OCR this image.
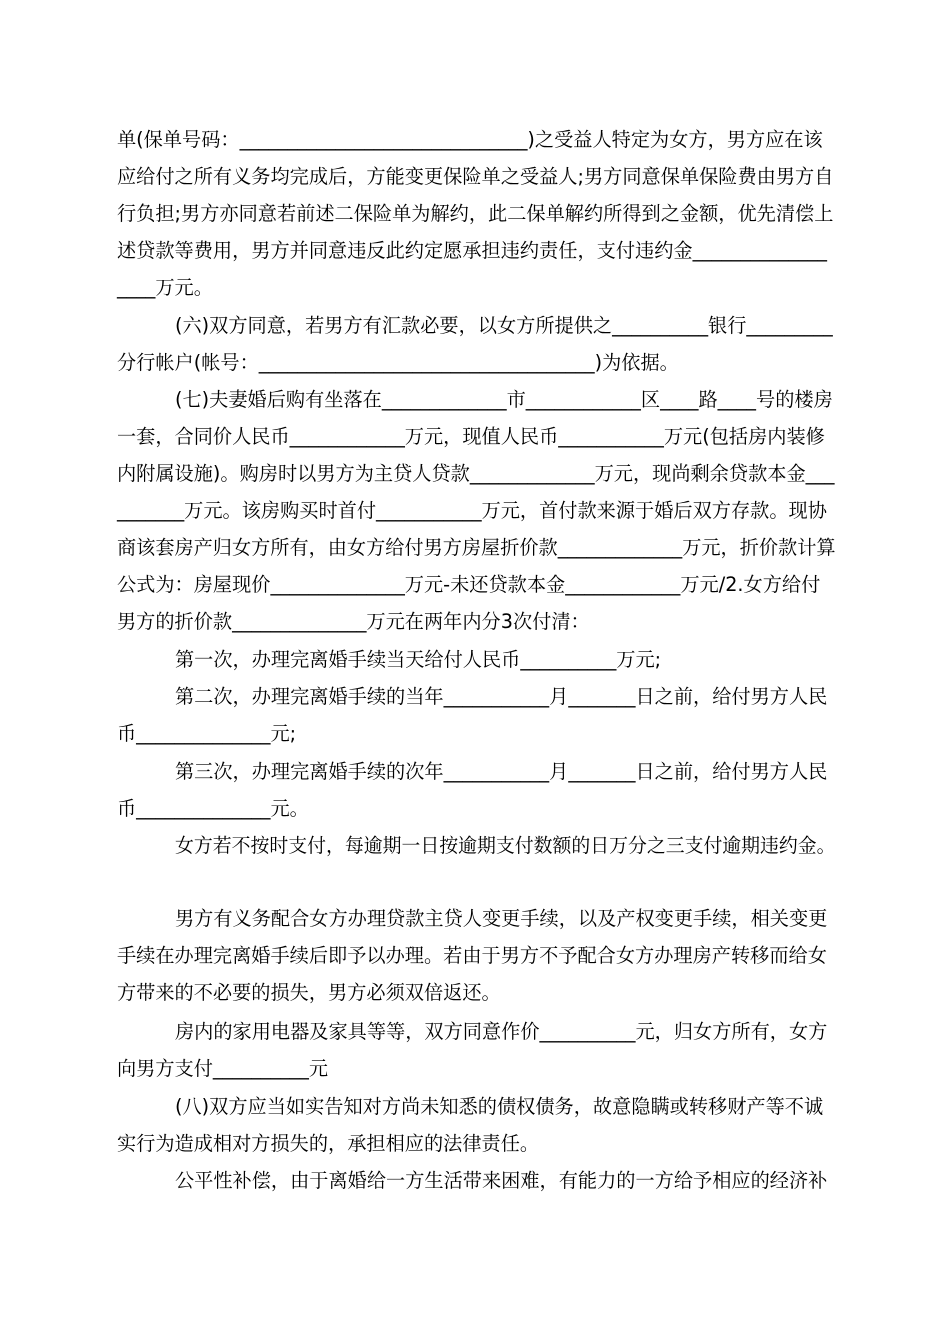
单(保单号码：______________________________)之受益人特定为女方，男方应在该
应给付之所有义务均完成后，方能变更保险单之受益人;男方同意保单保险费由男方自
行负担;男方亦同意若前述二保险单为解约，此二保单解约所得到之金额，优先清偿上
述贷款等费用，男方并同意违反此约定愿承担违约责任，支付违约金______________
____万元。
(六)双方同意，若男方有汇款必要，以女方所提供之__________银行_________
分行帐户(帐号：___________________________________)为依据。
(七)夫妻婚后购有坐落在_____________市____________区____路____号的楼房
一套，合同价人民币____________万元，现值人民币___________万元(包括房内装修
内附属设施)。购房时以男方为主贷人贷款_____________万元，现尚剩余贷款本金___
_______万元。该房购买时首付___________万元，首付款来源于婚后双方存款。现协
商该套房产归女方所有，由女方给付男方房屋折价款_____________万元，折价款计算
公式为：房屋现价______________万元-未还贷款本金____________万元/2.女方给付
男方的折价款______________万元在两年内分3次付清：
第一次，办理完离婚手续当天给付人民币__________万元;
第二次，办理完离婚手续的当年___________月_______日之前，给付男方人民
币______________元;
第三次，办理完离婚手续的次年___________月_______日之前，给付男方人民
币______________元。
女方若不按时支付，每逾期一日按逾期支付数额的日万分之三支付逾期违约金。
男方有义务配合女方办理贷款主贷人变更手续，以及产权变更手续，相关变更
手续在办理完离婚手续后即予以办理。若由于男方不予配合女方办理房产转移而给女
方带来的不必要的损失，男方必须双倍返还。
房内的家用电器及家具等等，双方同意作价__________元，归女方所有，女方
向男方支付__________元
(八)双方应当如实告知对方尚未知悉的债权债务，故意隐瞒或转移财产等不诚
实行为造成相对方损失的，承担相应的法律责任。
公平性补偿，由于离婚给一方生活带来困难，有能力的一方给予相应的经济补
